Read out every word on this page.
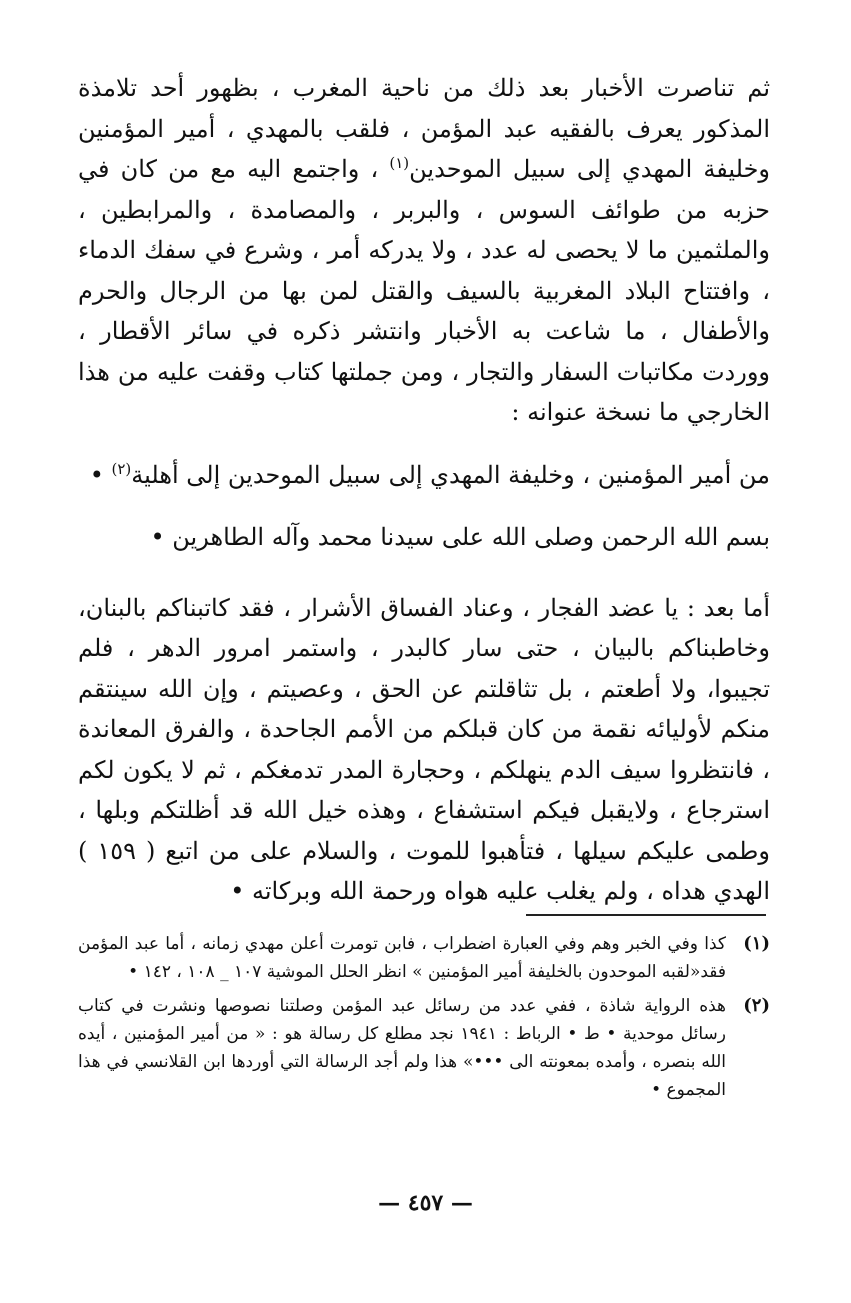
ثم تناصرت الأخبار بعد ذلك من ناحية المغرب ، بظهور أحد تلامذة المذكور يعرف بالفقيه عبد المؤمن ، فلقب بالمهدي ، أمير المؤمنين وخليفة المهدي إلى سبيل الموحدين$^{(١)}$ ، واجتمع اليه مع من كان في حزبه من طوائف السوس ، والبربر ، والمصامدة ، والمرابطين ، والملثمين ما لا يحصى له عدد ، ولا يدركه أمر ، وشرع في سفك الدماء ، وافتتاح البلاد المغربية بالسيف والقتل لمن بها من الرجال والحرم والأطفال ، ما شاعت به الأخبار وانتشر ذكره في سائر الأقطار ، ووردت مكاتبات السفار والتجار ، ومن جملتها كتاب وقفت عليه من هذا الخارجي ما نسخة عنوانه :

من أمير المؤمنين ، وخليفة المهدي إلى سبيل الموحدين إلى أهلية$^{(٢)}$ •

بسم الله الرحمن وصلى الله على سيدنا محمد وآله الطاهرين •

أما بعد : يا عضد الفجار ، وعناد الفساق الأشرار ، فقد كاتبناكم بالبنان، وخاطبناكم بالبيان ، حتى سار كالبدر ، واستمر امرور الدهر ، فلم تجيبوا، ولا أطعتم ، بل تثاقلتم عن الحق ، وعصيتم ، وإن الله سينتقم منكم لأوليائه نقمة من كان قبلكم من الأمم الجاحدة ، والفرق المعاندة ، فانتظروا سيف الدم ينهلكم ، وحجارة المدر تدمغكم ، ثم لا يكون لكم استرجاع ، ولايقبل فيكم استشفاع ، وهذه خيل الله قد أظلتكم وبلها ، وطمى عليكم سيلها ، فتأهبوا للموت ، والسلام على من اتبع ( ١٥٩ ) الهدي هداه ، ولم يغلب عليه هواه ورحمة الله وبركاته •

(١)
كذا وفي الخبر وهم وفي العبارة اضطراب ، فابن تومرت أعلن مهدي زمانه ، أما عبد المؤمن فقد«لقبه الموحدون بالخليفة أمير المؤمنين » انظر الحلل الموشية ١٠٧ _ ١٠٨ ، ١٤٢ •
(٢)
هذه الرواية شاذة ، ففي عدد من رسائل عبد المؤمن وصلتنا نصوصها ونشرت في كتاب رسائل موحدية • ط • الرباط : ١٩٤١ نجد مطلع كل رسالة هو : « من أمير المؤمنين ، أيده الله بنصره ، وأمده بمعونته الى •••» هذا ولم أجد الرسالة التي أوردها ابن القلانسي في هذا المجموع •
— ٤٥٧ —
